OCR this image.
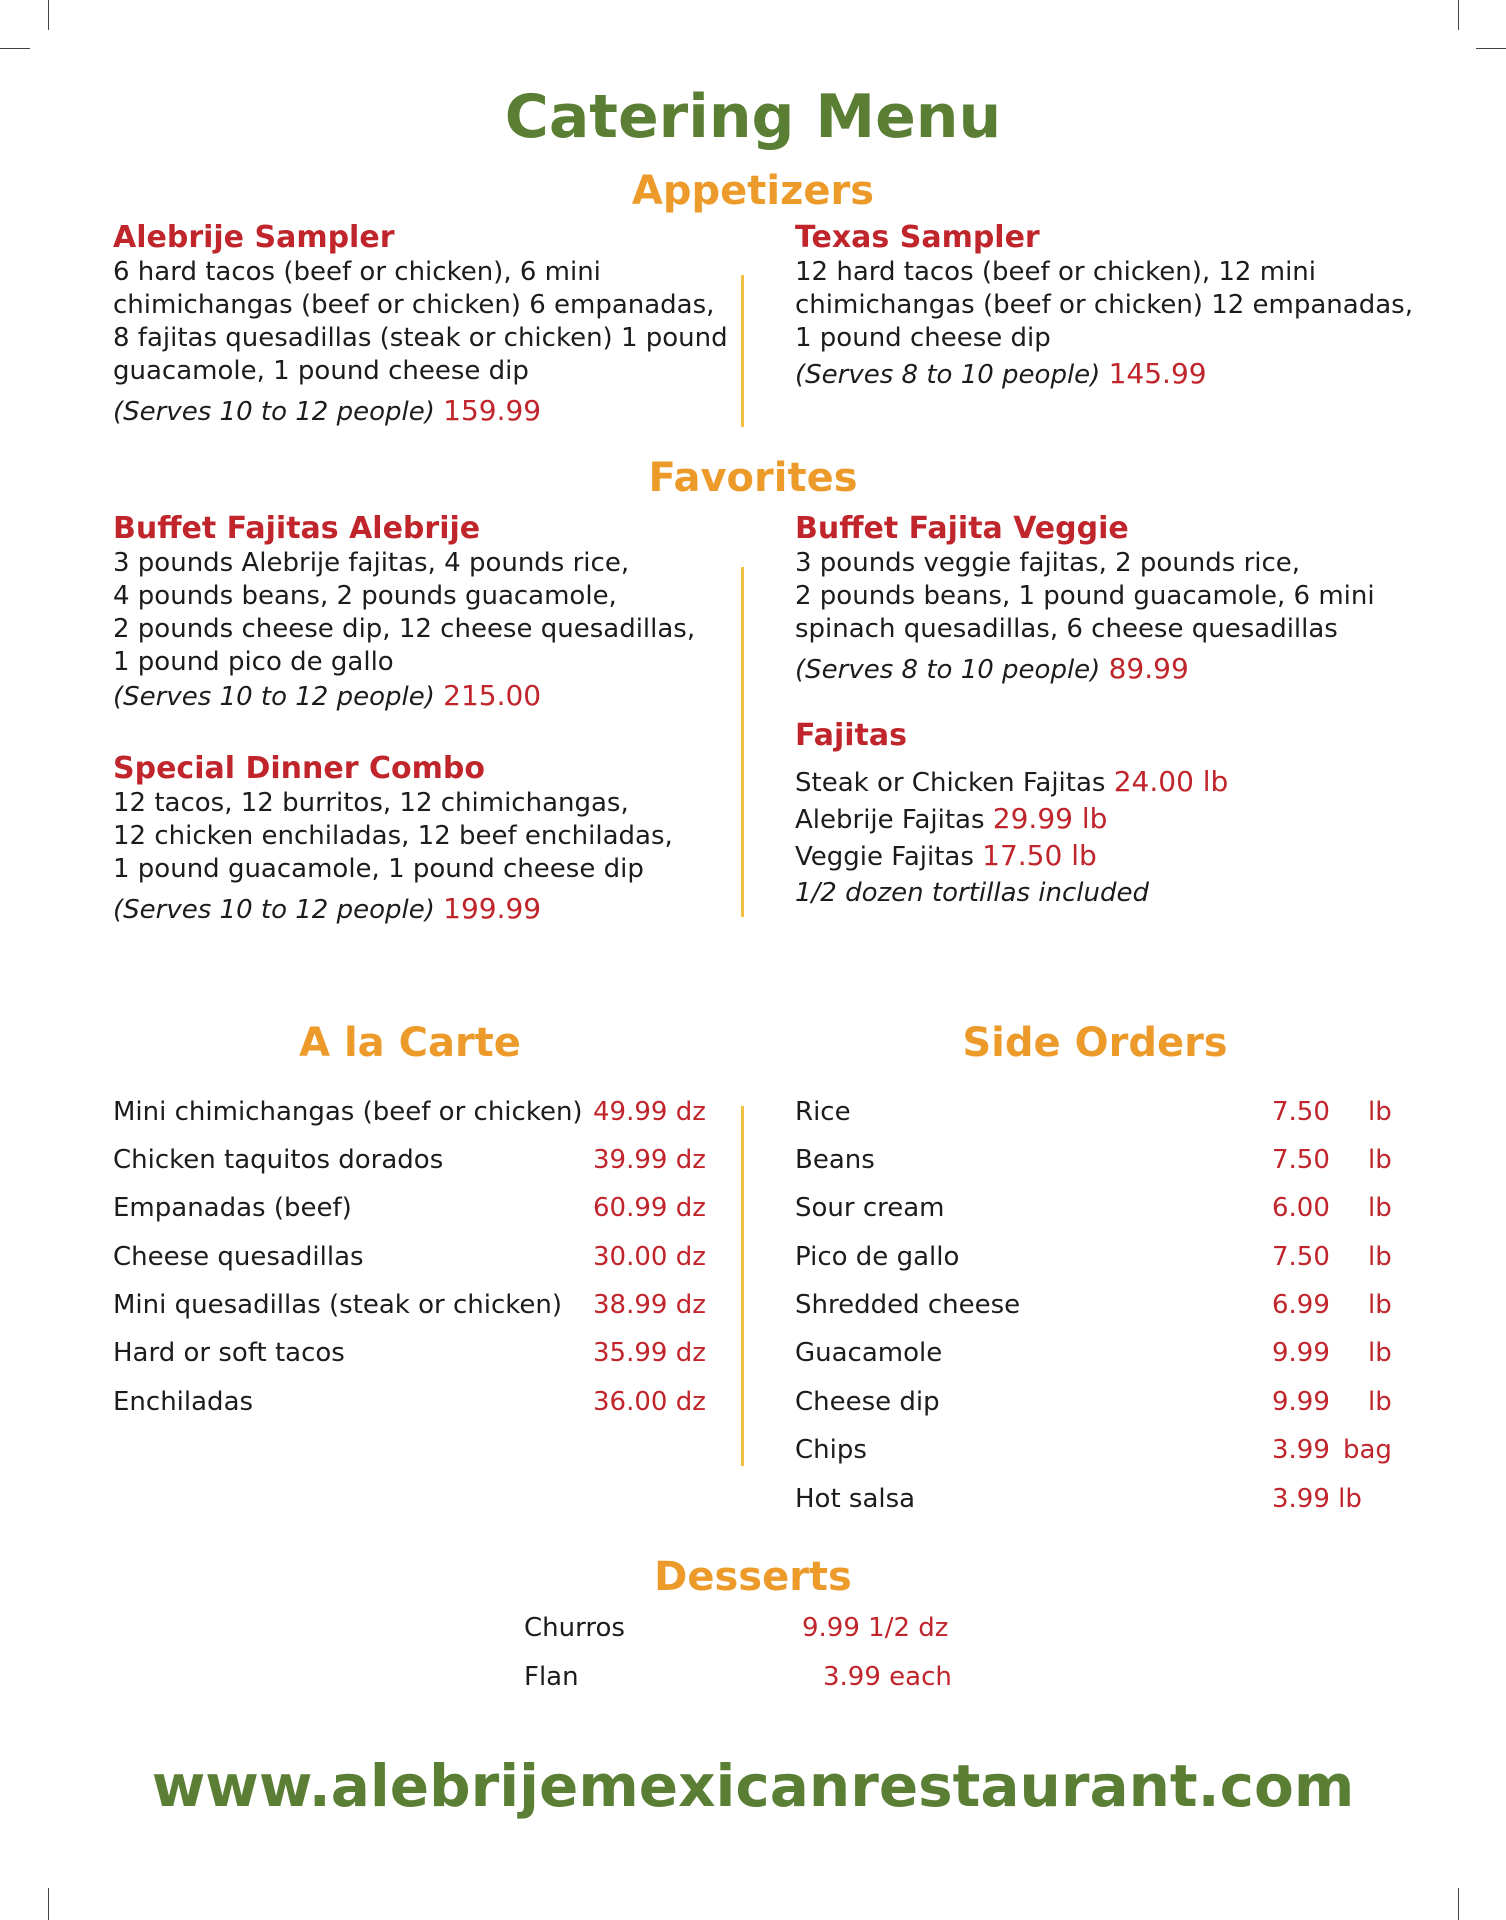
Catering Menu
Appetizers
Alebrije Sampler
6 hard tacos (beef or chicken), 6 mini
chimichangas (beef or chicken) 6 empanadas,
8 fajitas quesadillas (steak or chicken) 1 pound
guacamole, 1 pound cheese dip
(Serves 10 to 12 people) 159.99
Texas Sampler
12 hard tacos (beef or chicken), 12 mini
chimichangas (beef or chicken) 12 empanadas,
1 pound cheese dip
(Serves 8 to 10 people) 145.99
Favorites
Buffet Fajitas Alebrije
3 pounds Alebrije fajitas, 4 pounds rice,
4 pounds beans, 2 pounds guacamole,
2 pounds cheese dip, 12 cheese quesadillas,
1 pound pico de gallo
(Serves 10 to 12 people) 215.00
Special Dinner Combo
12 tacos, 12 burritos, 12 chimichangas,
12 chicken enchiladas, 12 beef enchiladas,
1 pound guacamole, 1 pound cheese dip
(Serves 10 to 12 people) 199.99
Buffet Fajita Veggie
3 pounds veggie fajitas, 2 pounds rice,
2 pounds beans, 1 pound guacamole, 6 mini
spinach quesadillas, 6 cheese quesadillas
(Serves 8 to 10 people) 89.99
Fajitas
Steak or Chicken Fajitas 24.00 lb
Alebrije Fajitas 29.99 lb
Veggie Fajitas 17.50 lb
1/2 dozen tortillas included
A la Carte
Mini chimichangas (beef or chicken) 49.99 dz
Chicken taquitos dorados	39.99 dz
Empanadas (beef)	60.99 dz
Cheese quesadillas	30.00 dz
Mini quesadillas (steak or chicken) 38.99 dz
Hard or soft tacos	35.99 dz
Enchiladas	36.00 dz
Side Orders
Rice	7.50 lb
Beans	7.50 lb
Sour cream	6.00 lb
Pico de gallo	7.50 lb
Shredded cheese	6.99 lb
Guacamole	9.99 lb
Cheese dip	9.99 lb
Chips	3.99 bag
Hot salsa	3.99 lb
Desserts
Churros	9.99 1/2 dz
Flan	3.99 each
www.alebrijemexicanrestaurant.com
